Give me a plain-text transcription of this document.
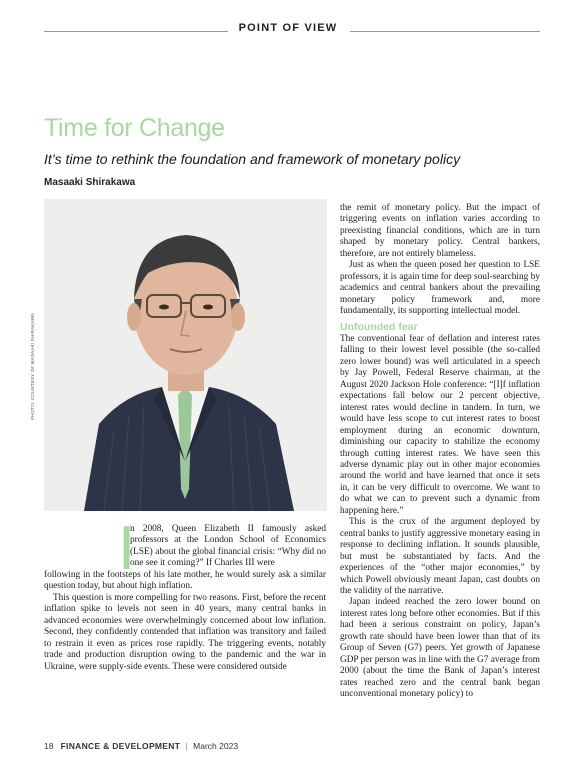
POINT OF VIEW
Time for Change
It’s time to rethink the foundation and framework of monetary policy
Masaaki Shirakawa
PHOTO: COURTESY OF MASAAKI SHIRAKAWA
I

n 2008, Queen Elizabeth II famously asked professors at the London School of Economics (LSE) about the global financial crisis: “Why did no one see it coming?” If Charles III were

following in the footsteps of his late mother, he would surely ask a similar question today, but about high inflation.

This question is more compelling for two reasons. First, before the recent inflation spike to levels not seen in 40 years, many central banks in advanced economies were overwhelmingly concerned about low inflation. Second, they confidently contended that inflation was transitory and failed to restrain it even as prices rose rapidly. The triggering events, notably trade and production disruption owing to the pandemic and the war in Ukraine, were supply-side events. These were considered outside

the remit of monetary policy. But the impact of triggering events on inflation varies according to preexisting financial conditions, which are in turn shaped by monetary policy. Central bankers, therefore, are not entirely blameless.

Just as when the queen posed her question to LSE professors, it is again time for deep soul-searching by academics and central bankers about the prevailing monetary policy framework and, more fundamentally, its supporting intellectual model.

Unfounded fear

The conventional fear of deflation and interest rates falling to their lowest level possible (the so-called zero lower bound) was well articulated in a speech by Jay Powell, Federal Reserve chairman, at the August 2020 Jackson Hole conference: “[I]f inflation expectations fall below our 2 percent objective, interest rates would decline in tandem. In turn, we would have less scope to cut interest rates to boost employment during an economic downturn, diminishing our capacity to stabilize the economy through cutting interest rates. We have seen this adverse dynamic play out in other major economies around the world and have learned that once it sets in, it can be very difficult to overcome. We want to do what we can to prevent such a dynamic from happening here.”

This is the crux of the argument deployed by central banks to justify aggressive monetary easing in response to declining inflation. It sounds plausible, but must be substantiated by facts. And the experiences of the “other major economies,” by which Powell obviously meant Japan, cast doubts on the validity of the narrative.

Japan indeed reached the zero lower bound on interest rates long before other economies. But if this had been a serious constraint on policy, Japan’s growth rate should have been lower than that of its Group of Seven (G7) peers. Yet growth of Japanese GDP per person was in line with the G7 average from 2000 (about the time the Bank of Japan’s interest rates reached zero and the central bank began unconventional monetary policy) to

18 FINANCE & DEVELOPMENT | March 2023
